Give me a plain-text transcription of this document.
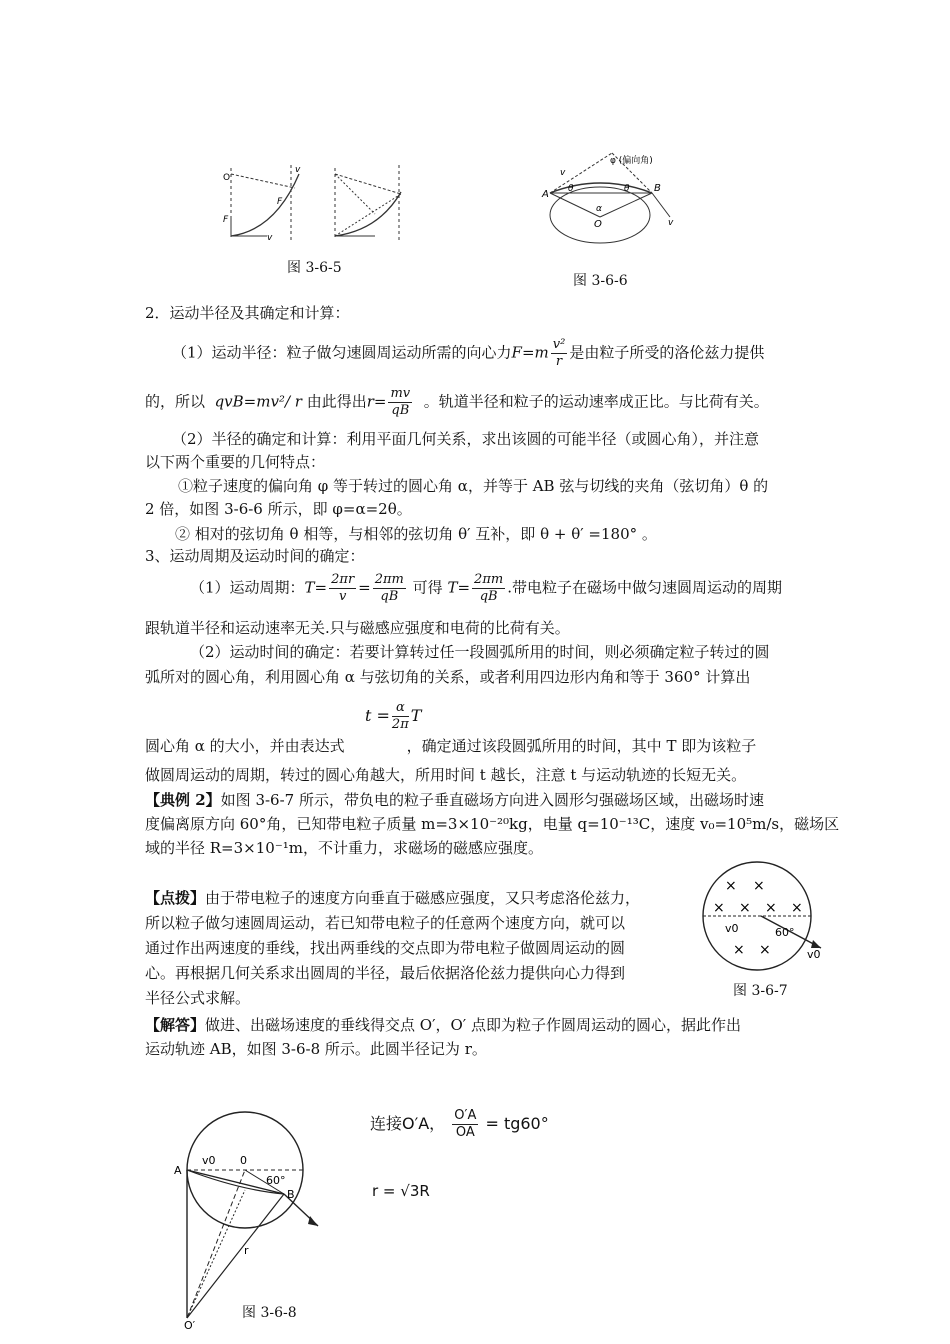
O
F
F
v
v
图 3-6-5
φ (偏向角)
A
B
θ	θ
α
O
v
v
图 3-6-6
2．运动半径及其确定和计算：
（1）运动半径：粒子做匀速圆周运动所需的向心力$F=m \frac{\text{v²}}{r}$ 是由粒子所受的洛伦兹力提供
的，所以 qvB=mv²/ r 由此得出$r= \frac{mv}{qB}$ 。轨道半径和粒子的运动速率成正比。与比荷有关。
（2）半径的确定和计算：利用平面几何关系，求出该圆的可能半径（或圆心角），并注意
以下两个重要的几何特点：
①粒子速度的偏向角 φ 等于转过的圆心角 α，并等于 AB 弦与切线的夹角（弦切角）θ 的
2 倍，如图 3-6-6 所示，即 φ=α=2θ。
② 相对的弦切角 θ 相等，与相邻的弦切角 θ′ 互补，即 θ + θ′ =180° 。
3、运动周期及运动时间的确定：
（1）运动周期：$T= \frac{2\pi r}{v} = \frac{2\pi m}{qB}$ 可得 $T= \frac{2\pi m}{qB}$ .带电粒子在磁场中做匀速圆周运动的周期
跟轨道半径和运动速率无关.只与磁感应强度和电荷的比荷有关。
（2）运动时间的确定：若要计算转过任一段圆弧所用的时间，则必须确定粒子转过的圆
弧所对的圆心角，利用圆心角 α 与弦切角的关系，或者利用四边形内角和等于 360° 计算出
$t = \frac{\alpha}{2\pi}$ T
圆心角 α 的大小，并由表达式	，确定通过该段圆弧所用的时间，其中 T 即为该粒子
做圆周运动的周期，转过的圆心角越大，所用时间 t 越长，注意 t 与运动轨迹的长短无关。
【典例 2】如图 3-6-7 所示，带负电的粒子垂直磁场方向进入圆形匀强磁场区域，出磁场时速
度偏离原方向 60°角，已知带电粒子质量 m=3×10⁻²⁰kg，电量 q=10⁻¹³C，速度 v₀=10⁵m/s，磁场区
域的半径 R=3×10⁻¹m，不计重力，求磁场的磁感应强度。
【点拨】由于带电粒子的速度方向垂直于磁感应强度，又只考虑洛伦兹力，
所以粒子做匀速圆周运动，若已知带电粒子的任意两个速度方向，就可以
通过作出两速度的垂线，找出两垂线的交点即为带电粒子做圆周运动的圆
心。再根据几何关系求出圆周的半径，最后依据洛伦兹力提供向心力得到
半径公式求解。
× ×
× × × ×
× ×
v0	60°
v0
图 3-6-7
【解答】做进、出磁场速度的垂线得交点 O′，O′ 点即为粒子作圆周运动的圆心，据此作出
运动轨迹 AB，如图 3-6-8 所示。此圆半径记为 r。
A
B
0
v0
60°
r
O′
图 3-6-8
连接O′A， $\frac{O'A}{OA} = tg60^\circ$
r = √3R
